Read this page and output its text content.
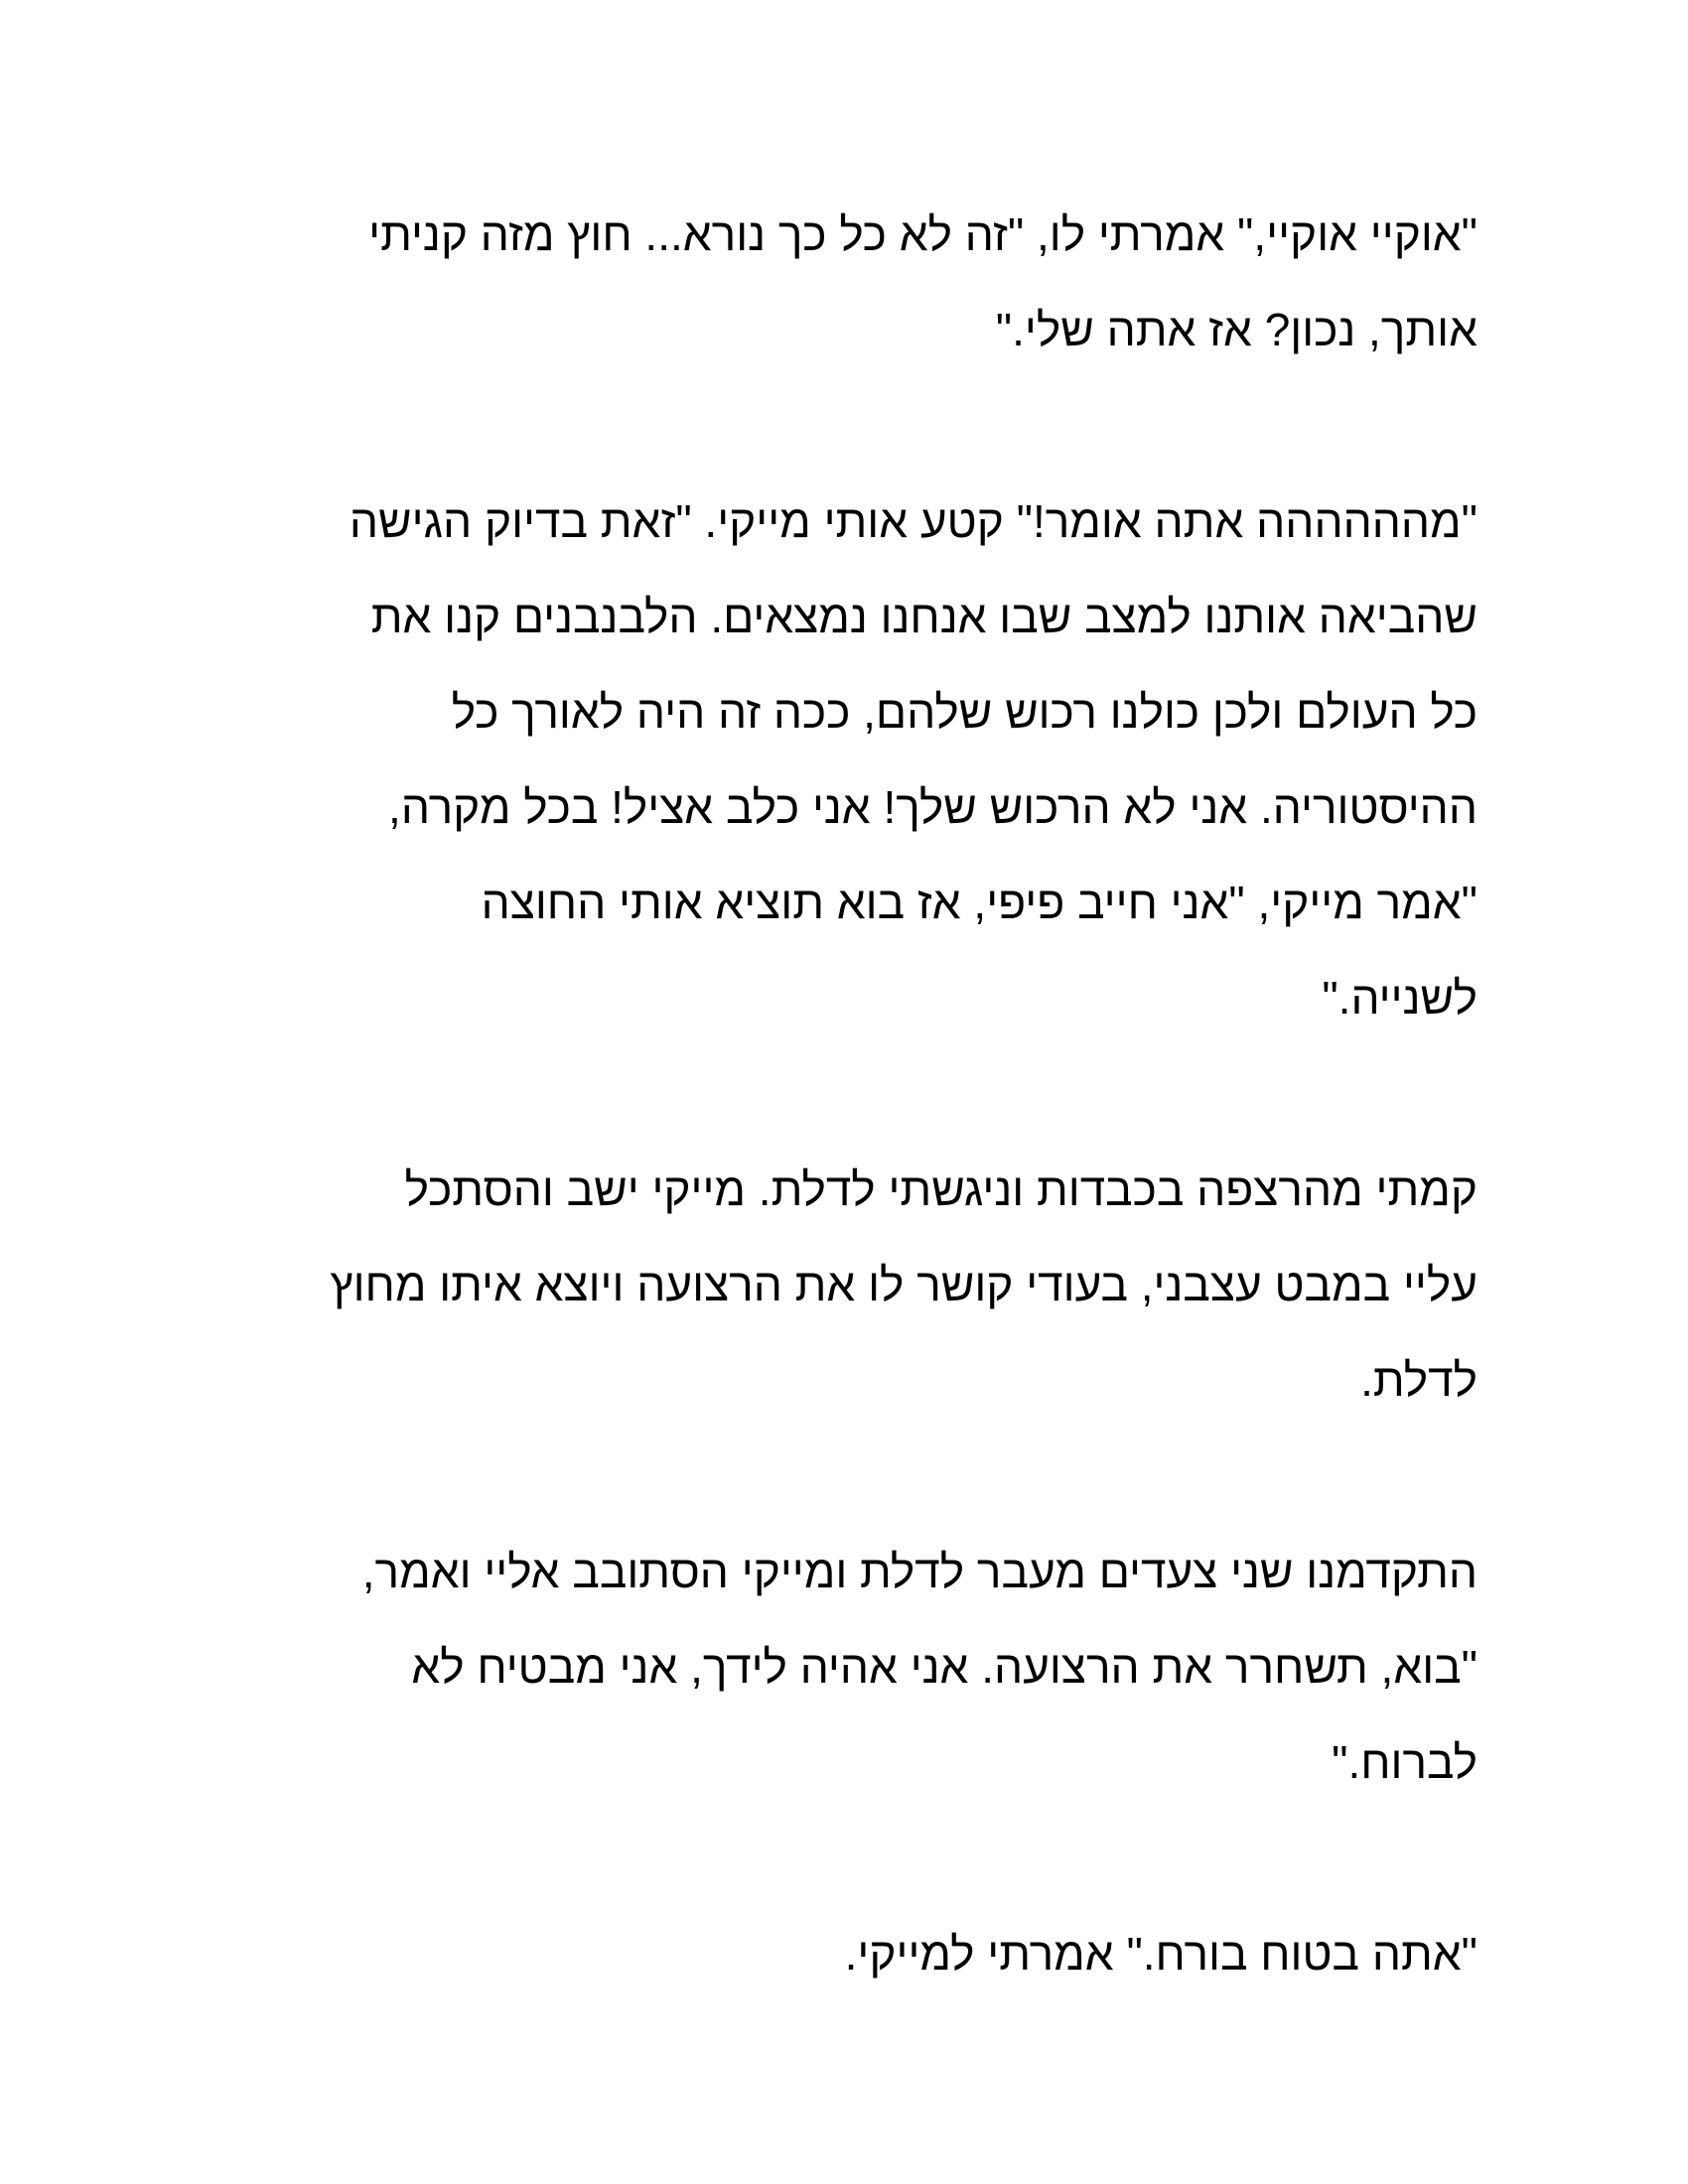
"אוקיי אוקיי," אמרתי לו, "זה לא כל כך נורא... חוץ מזה קניתי
אותך, נכון? אז אתה שלי."

"מהההההה אתה אומר!" קטע אותי מייקי. "זאת בדיוק הגישה
שהביאה אותנו למצב שבו אנחנו נמצאים. הלבנבנים קנו את
כל העולם ולכן כולנו רכוש שלהם, ככה זה היה לאורך כל
ההיסטוריה. אני לא הרכוש שלך! אני כלב אציל! בכל מקרה,
"אמר מייקי, "אני חייב פיפי, אז בוא תוציא אותי החוצה
לשנייה."

קמתי מהרצפה בכבדות וניגשתי לדלת. מייקי ישב והסתכל
עליי במבט עצבני, בעודי קושר לו את הרצועה ויוצא איתו מחוץ
לדלת.

התקדמנו שני צעדים מעבר לדלת ומייקי הסתובב אליי ואמר,
"בוא, תשחרר את הרצועה. אני אהיה לידך, אני מבטיח לא
לברוח."

"אתה בטוח בורח." אמרתי למייקי.
